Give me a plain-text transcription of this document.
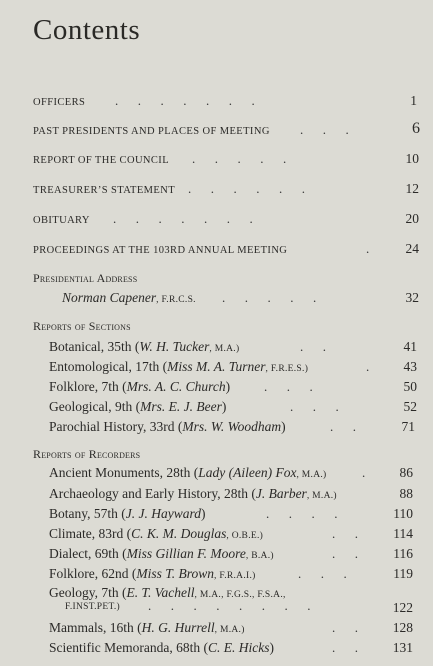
Contents
OFFICERS .      .      .      .      .      .      .	1
PAST PRESIDENTS AND PLACES OF MEETING .      .      .	6
REPORT OF THE COUNCIL .      .      .      .      .	10
TREASURER’S STATEMENT .      .      .      .      .      .	12
OBITUARY .      .      .      .      .      .      .	20
PROCEEDINGS AT THE 103RD ANNUAL MEETING	.	24
Presidential Address
Norman Capener, F.R.C.S. .      .      .      .      .	32
Reports of Sections
Botanical, 35th (W. H. Tucker, M.A.)	.      .	41
Entomological, 17th (Miss M. A. Turner, F.R.E.S.)	.	43
Folklore, 7th (Mrs. A. C. Church)	.      .      .	50
Geological, 9th (Mrs. E. J. Beer)	.      .      .	52
Parochial History, 33rd (Mrs. W. Woodham)	.      .	71
Reports of Recorders
Ancient Monuments, 28th (Lady (Aileen) Fox, M.A.)	.	86
Archaeology and Early History, 28th (J. Barber, M.A.)	88
Botany, 57th (J. J. Hayward)	.      .      .      .	110
Climate, 83rd (C. K. M. Douglas, O.B.E.)	.      .	114
Dialect, 69th (Miss Gillian F. Moore, B.A.)	.      .	116
Folklore, 62nd (Miss T. Brown, F.R.A.I.)	.      .      .	119
Geology, 7th (E. T. Vachell, M.A., F.G.S., F.S.A.,
F.INST.PET.) .      .      .      .      .      .      .      .	122
Mammals, 16th (H. G. Hurrell, M.A.)	.      .	128
Scientific Memoranda, 68th (C. E. Hicks)	.      .	131
